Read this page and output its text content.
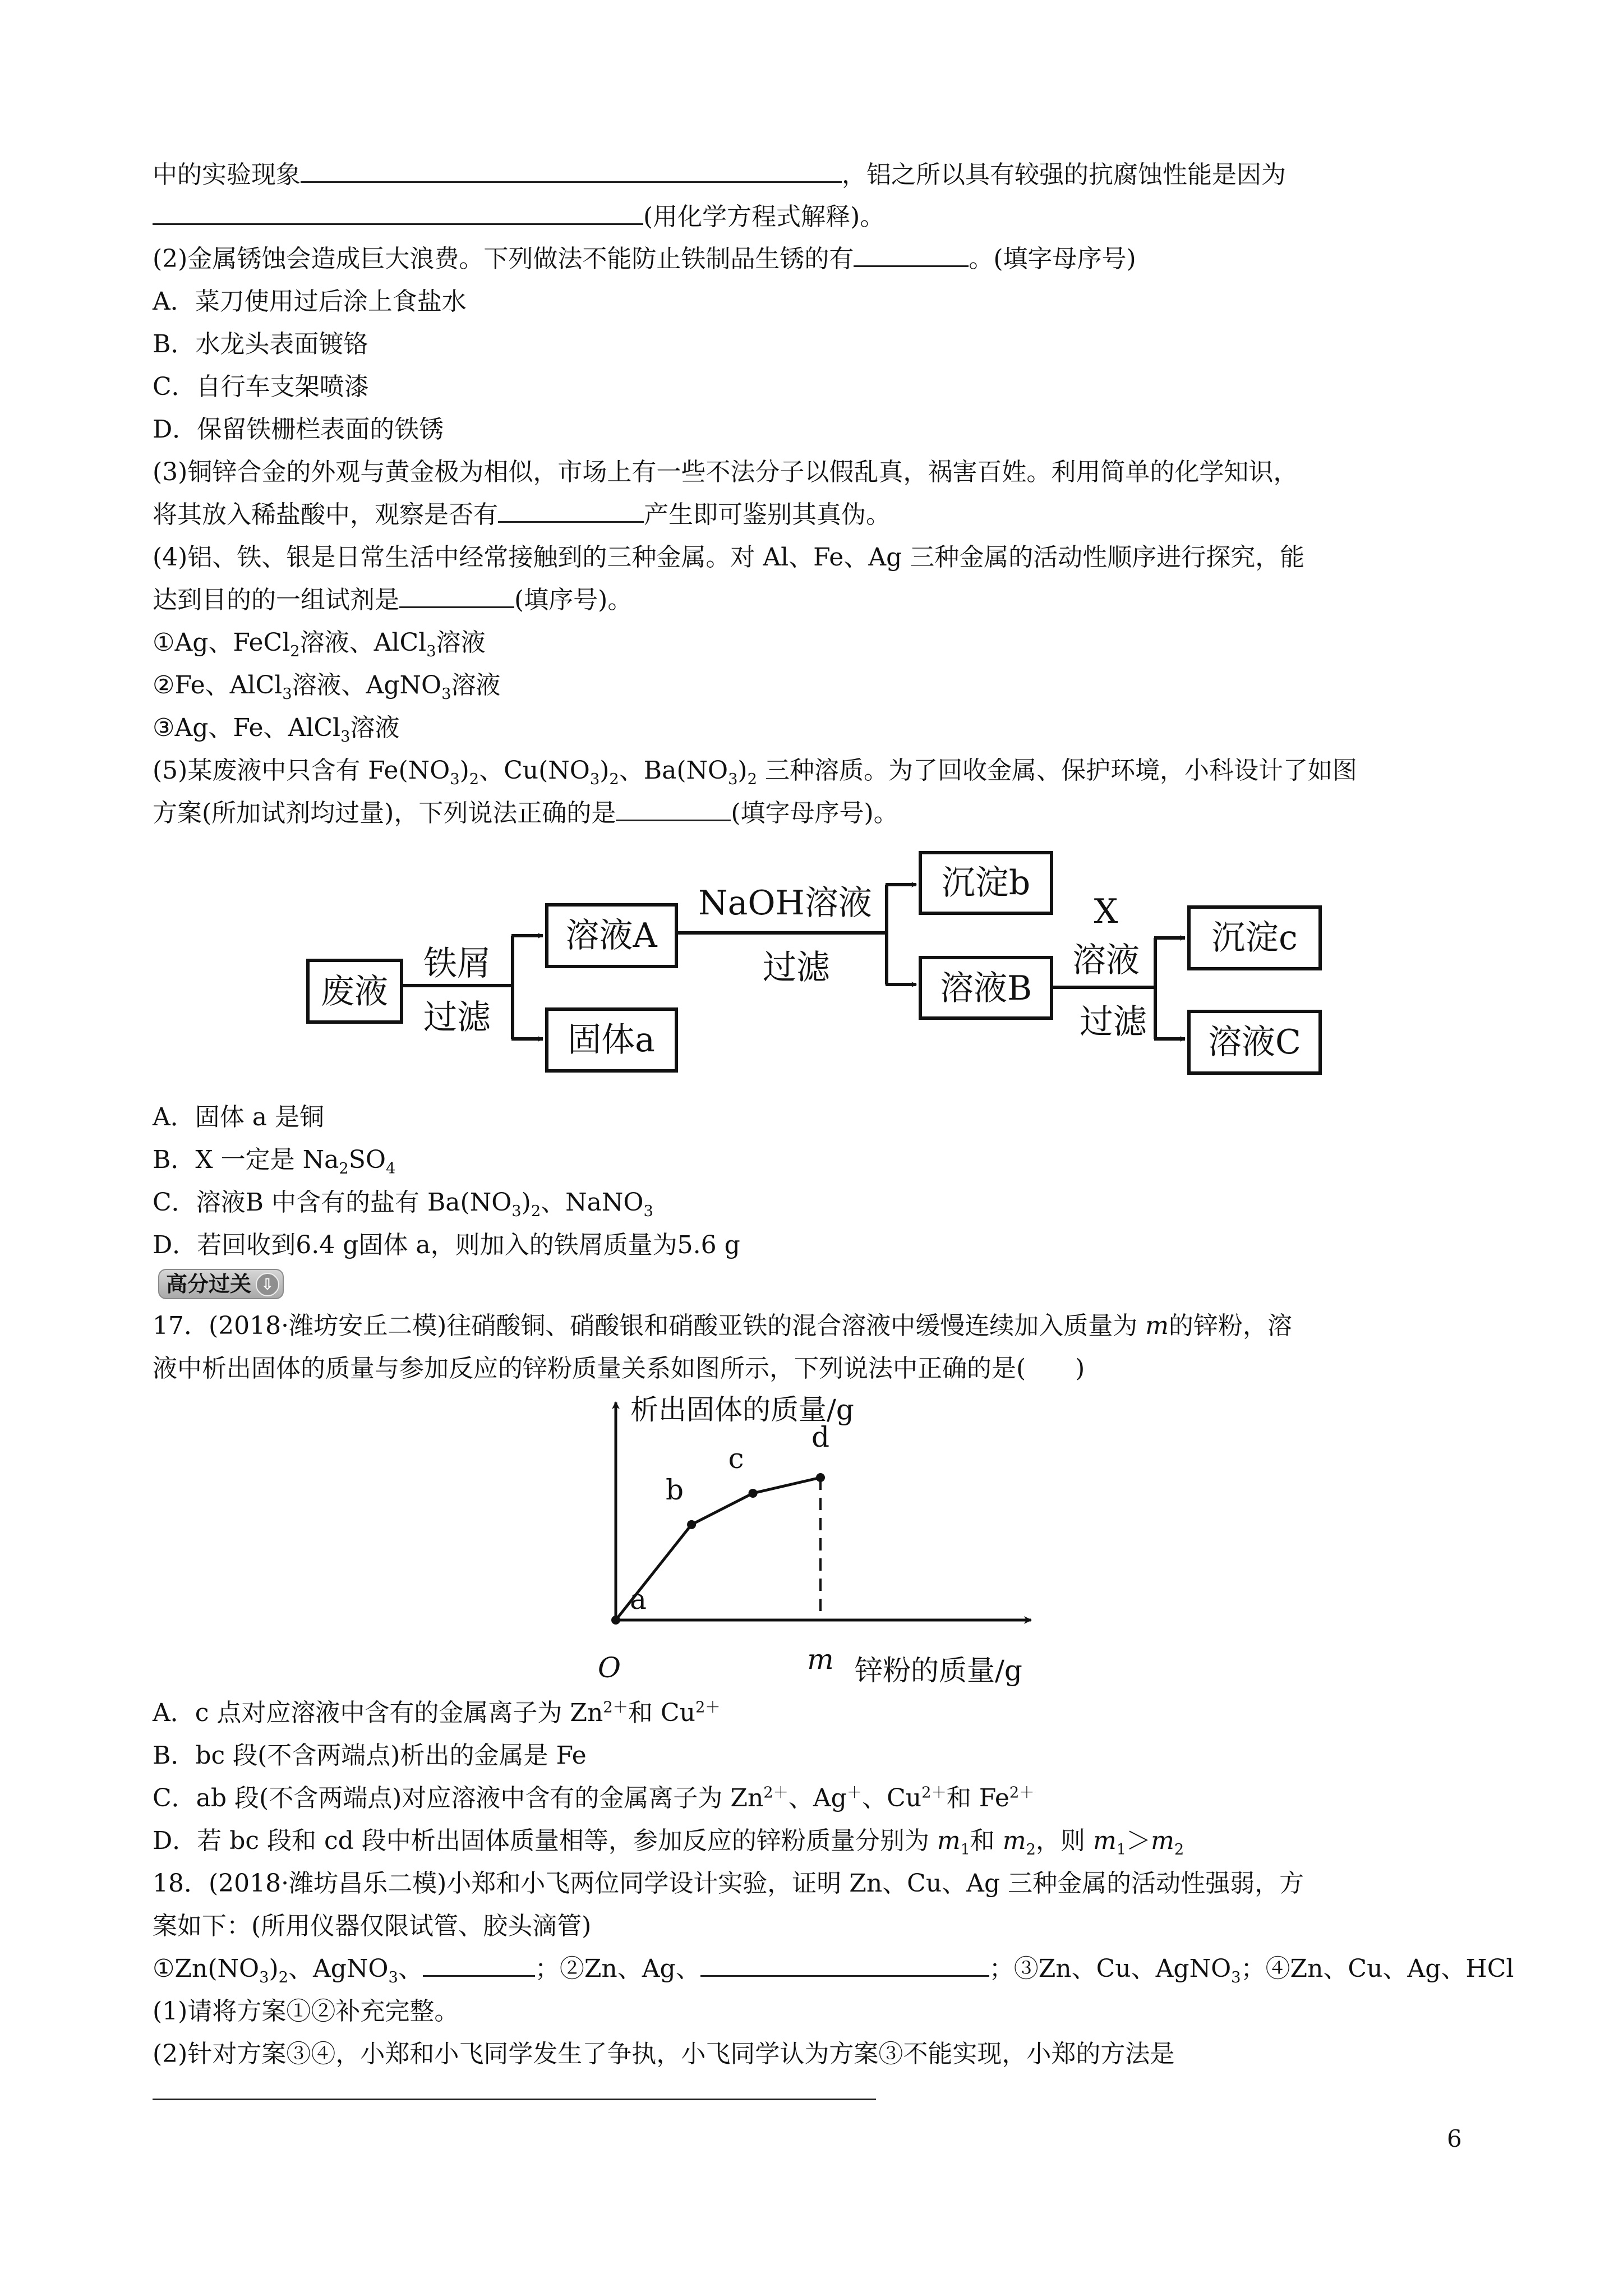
中的实验现象	，铝之所以具有较强的抗腐蚀性能是因为
(用化学方程式解释)。
(2)金属锈蚀会造成巨大浪费。下列做法不能防止铁制品生锈的有	。(填字母序号)
A．菜刀使用过后涂上食盐水
B．水龙头表面镀铬
C．自行车支架喷漆
D．保留铁栅栏表面的铁锈
(3)铜锌合金的外观与黄金极为相似，市场上有一些不法分子以假乱真，祸害百姓。利用简单的化学知识，
将其放入稀盐酸中，观察是否有	产生即可鉴别其真伪。
(4)铝、铁、银是日常生活中经常接触到的三种金属。对 Al、Fe、Ag 三种金属的活动性顺序进行探究，能
达到目的的一组试剂是	(填序号)。
①Ag、FeCl$_2$溶液、AlCl$_3$溶液
②Fe、AlCl$_3$溶液、AgNO$_3$溶液
③Ag、Fe、AlCl$_3$溶液
(5)某废液中只含有 $Fe(NO_3)_2$、$Cu(NO_3)_2$、$Ba(NO_3)_2$ 三种溶质。为了回收金属、保护环境，小科设计了如图
方案(所加试剂均过量)，下列说法正确的是	(填字母序号)。
废液
溶液A
固体a
沉淀b
溶液B
沉淀c
溶液C
铁屑
过滤
NaOH溶液
过滤
X
溶液
过滤
A．固体 a 是铜
B．X 一定是 $Na_2SO_4$
C．溶液B 中含有的盐有 $Ba(NO_3)_2$、NaNO$_3$
D．若回收到6.4 g固体 a，则加入的铁屑质量为5.6 g
高分过关 ⇩
17．(2018·潍坊安丘二模)往硝酸铜、硝酸银和硝酸亚铁的混合溶液中缓慢连续加入质量为 m的锌粉，溶
液中析出固体的质量与参加反应的锌粉质量关系如图所示，下列说法中正确的是(　　)
a
b
c
d
析出固体的质量/g
锌粉的质量/g
O	m
A．c 点对应溶液中含有的金属离子为 $Zn^{2+}$和 $Cu^{2+}$
B．bc 段(不含两端点)析出的金属是 Fe
C．ab 段(不含两端点)对应溶液中含有的金属离子为 $Zn^{2+}$、Ag＋、$Cu^{2+}$和 $Fe^{2+}$
D．若 bc 段和 cd 段中析出固体质量相等，参加反应的锌粉质量分别为 $m_1$和 $m_2$，则 $m_1>m_2$
18．(2018·潍坊昌乐二模)小郑和小飞两位同学设计实验，证明 Zn、Cu、Ag 三种金属的活动性强弱，方
案如下：(所用仪器仅限试管、胶头滴管)
$①Zn(NO_3)_2$、AgNO$_3$、	；②Zn、Ag、	；③Zn、Cu、AgNO$_3$；④Zn、Cu、Ag、HCl
(1)请将方案①②补充完整。
(2)针对方案③④，小郑和小飞同学发生了争执，小飞同学认为方案③不能实现，小郑的方法是
6
